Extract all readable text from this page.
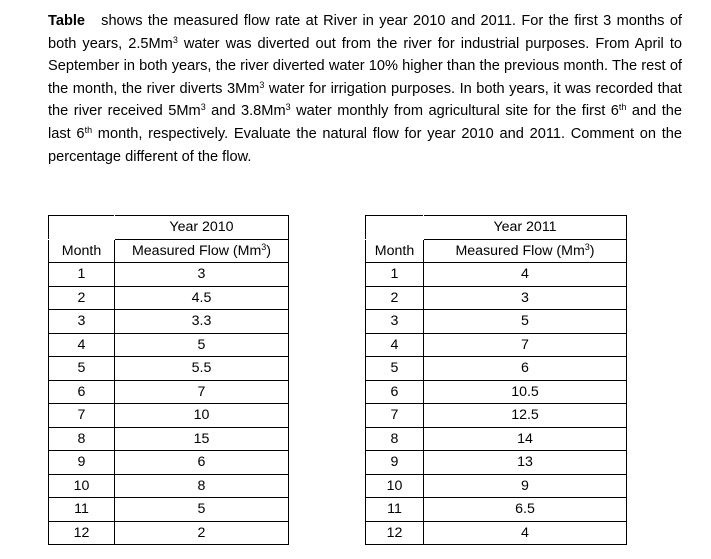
Table shows the measured flow rate at River in year 2010 and 2011. For the first 3 months of both years, 2.5Mm$^3$ water was diverted out from the river for industrial purposes. From April to September in both years, the river diverted water 10% higher than the previous month. The rest of the month, the river diverts 3Mm$^3$ water for irrigation purposes. In both years, it was recorded that the river received 5Mm$^3$ and 3.8Mm$^3$ water monthly from agricultural site for the first 6th and the last 6th month, respectively. Evaluate the natural flow for year 2010 and 2011. Comment on the percentage different of the flow.
	Year 2010
Month	Measured Flow (Mm$^3$)
1	3
2	4.5
3	3.3
4	5
5	5.5
6	7
7	10
8	15
9	6
10	8
11	5
12	2
	Year 2011
Month	Measured Flow (Mm$^3$)
1	4
2	3
3	5
4	7
5	6
6	10.5
7	12.5
8	14
9	13
10	9
11	6.5
12	4
